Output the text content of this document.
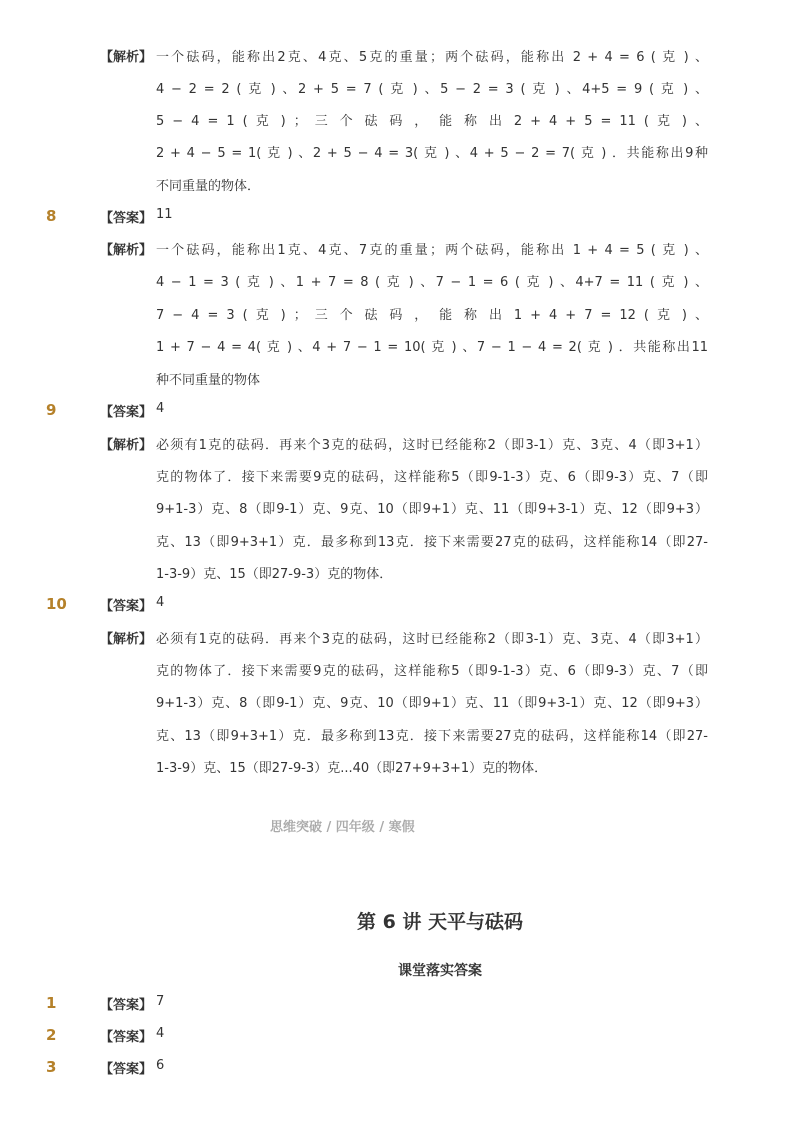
【解析】 一个砝码，能称出2克、4克、5克的重量；两个砝码，能称出 2 + 4 = 6 ( 克 ) 、
4 − 2 = 2 ( 克 ) 、2 + 5 = 7 ( 克 ) 、5 − 2 = 3 ( 克 ) 、4+5 = 9 ( 克 ) 、
5 − 4 = 1 ( 克 ) ； 三 个 砝 码 ， 能 称 出 2 + 4 + 5 = 11 ( 克 ) 、
2 + 4 − 5 = 1( 克 ) 、2 + 5 − 4 = 3( 克 ) 、4 + 5 − 2 = 7( 克 ) ．共能称出9种
不同重量的物体．
8	【答案】 11
【解析】 一个砝码，能称出1克、4克、7克的重量；两个砝码，能称出 1 + 4 = 5 ( 克 ) 、
4 − 1 = 3 ( 克 ) 、1 + 7 = 8 ( 克 ) 、7 − 1 = 6 ( 克 ) 、4+7 = 11 ( 克 ) 、
7 − 4 = 3 ( 克 ) ； 三 个 砝 码 ， 能 称 出 1 + 4 + 7 = 12 ( 克 ) 、
1 + 7 − 4 = 4( 克 ) 、4 + 7 − 1 = 10( 克 ) 、7 − 1 − 4 = 2( 克 ) ．共能称出11
种不同重量的物体
9	【答案】 4
【解析】 必须有1克的砝码．再来个3克的砝码，这时已经能称2（即3-1）克、3克、4（即3+1）
克的物体了．接下来需要9克的砝码，这样能称5（即9-1-3）克、6（即9-3）克、7（即
9+1-3）克、8（即9-1）克、9克、10（即9+1）克、11（即9+3-1）克、12（即9+3）
克、13（即9+3+1）克．最多称到13克．接下来需要27克的砝码，这样能称14（即27-
1-3-9）克、15（即27-9-3）克的物体．
10	【答案】 4
【解析】 必须有1克的砝码．再来个3克的砝码，这时已经能称2（即3-1）克、3克、4（即3+1）
克的物体了．接下来需要9克的砝码，这样能称5（即9-1-3）克、6（即9-3）克、7（即
9+1-3）克、8（即9-1）克、9克、10（即9+1）克、11（即9+3-1）克、12（即9+3）
克、13（即9+3+1）克．最多称到13克．接下来需要27克的砝码，这样能称14（即27-
1-3-9）克、15（即27-9-3）克...40（即27+9+3+1）克的物体．
思维突破 / 四年级 / 寒假
第 6 讲 天平与砝码
课堂落实答案
1	【答案】 7
2	【答案】 4
3	【答案】 6
